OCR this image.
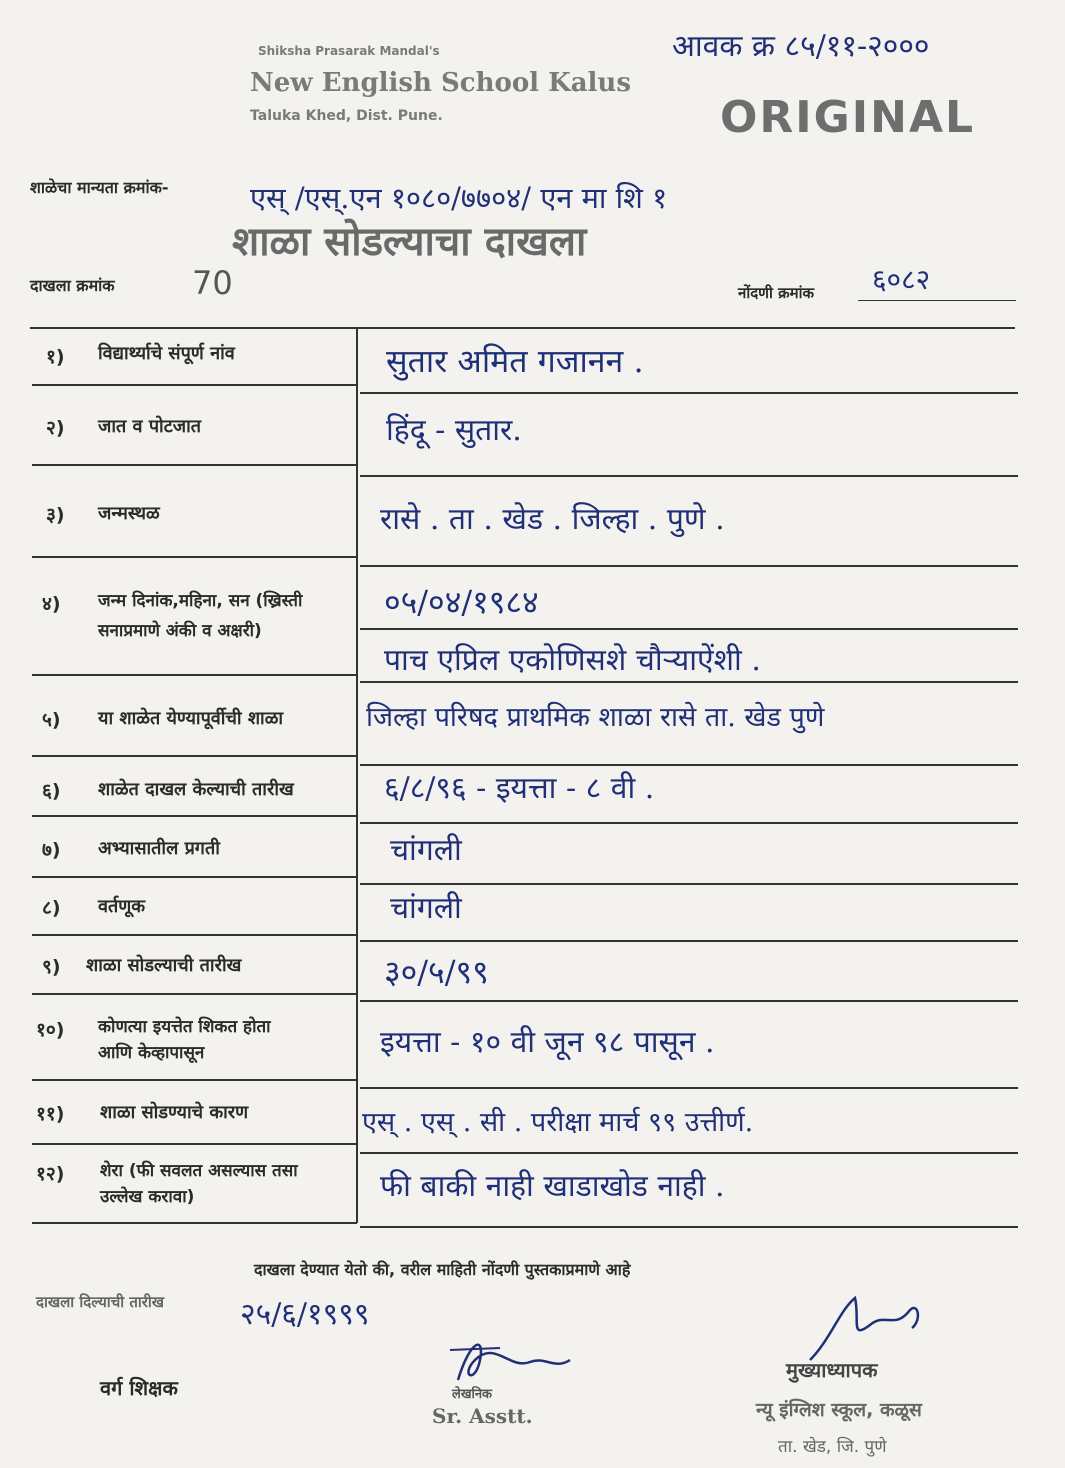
आवक क्र ८५/११-२०००
Shiksha Prasarak Mandal's
New English School Kalus
Taluka Khed, Dist. Pune.	ORIGINAL
शाळेचा मान्यता क्रमांक-	एस् /एस्.एन १०८०/७७०४/ एन मा शि १
शाळा सोडल्याचा दाखला
दाखला क्रमांक 70	नोंदणी क्रमांक ६०८२
१) विद्यार्थ्याचे संपूर्ण नांव	सुतार अमित गजानन .
२) जात व पोटजात	हिंदू - सुतार.
३) जन्मस्थळ	रासे . ता . खेड . जिल्हा . पुणे .
४) जन्म दिनांक,महिना, सन (ख्रिस्ती
सनाप्रमाणे अंकी व अक्षरी)
०५/०४/१९८४
पाच एप्रिल एकोणिसशे चौऱ्याऐंशी .
५) या शाळेत येण्यापूर्वीची शाळा	जिल्हा परिषद प्राथमिक शाळा रासे ता. खेड पुणे
६) शाळेत दाखल केल्याची तारीख	६/८/९६ - इयत्ता - ८ वी .
७) अभ्यासातील प्रगती	चांगली
८) वर्तणूक	चांगली
९) शाळा सोडल्याची तारीख	३०/५/९९
१०) कोणत्या इयत्तेत शिकत होता
आणि केव्हापासून	इयत्ता - १० वी जून ९८ पासून .
११) शाळा सोडण्याचे कारण	एस् . एस् . सी . परीक्षा मार्च ९९ उत्तीर्ण.
१२) शेरा (फी सवलत असल्यास तसा
उल्लेख करावा)	फी बाकी नाही खाडाखोड नाही .
दाखला देण्यात येतो की, वरील माहिती नोंदणी पुस्तकाप्रमाणे आहे
दाखला दिल्याची तारीख	२५/६/१९९९
वर्ग शिक्षक	लेखनिक
Sr. Asstt.
मुख्याध्यापक
न्यू इंग्लिश स्कूल, कळूस
ता. खेड, जि. पुणे
